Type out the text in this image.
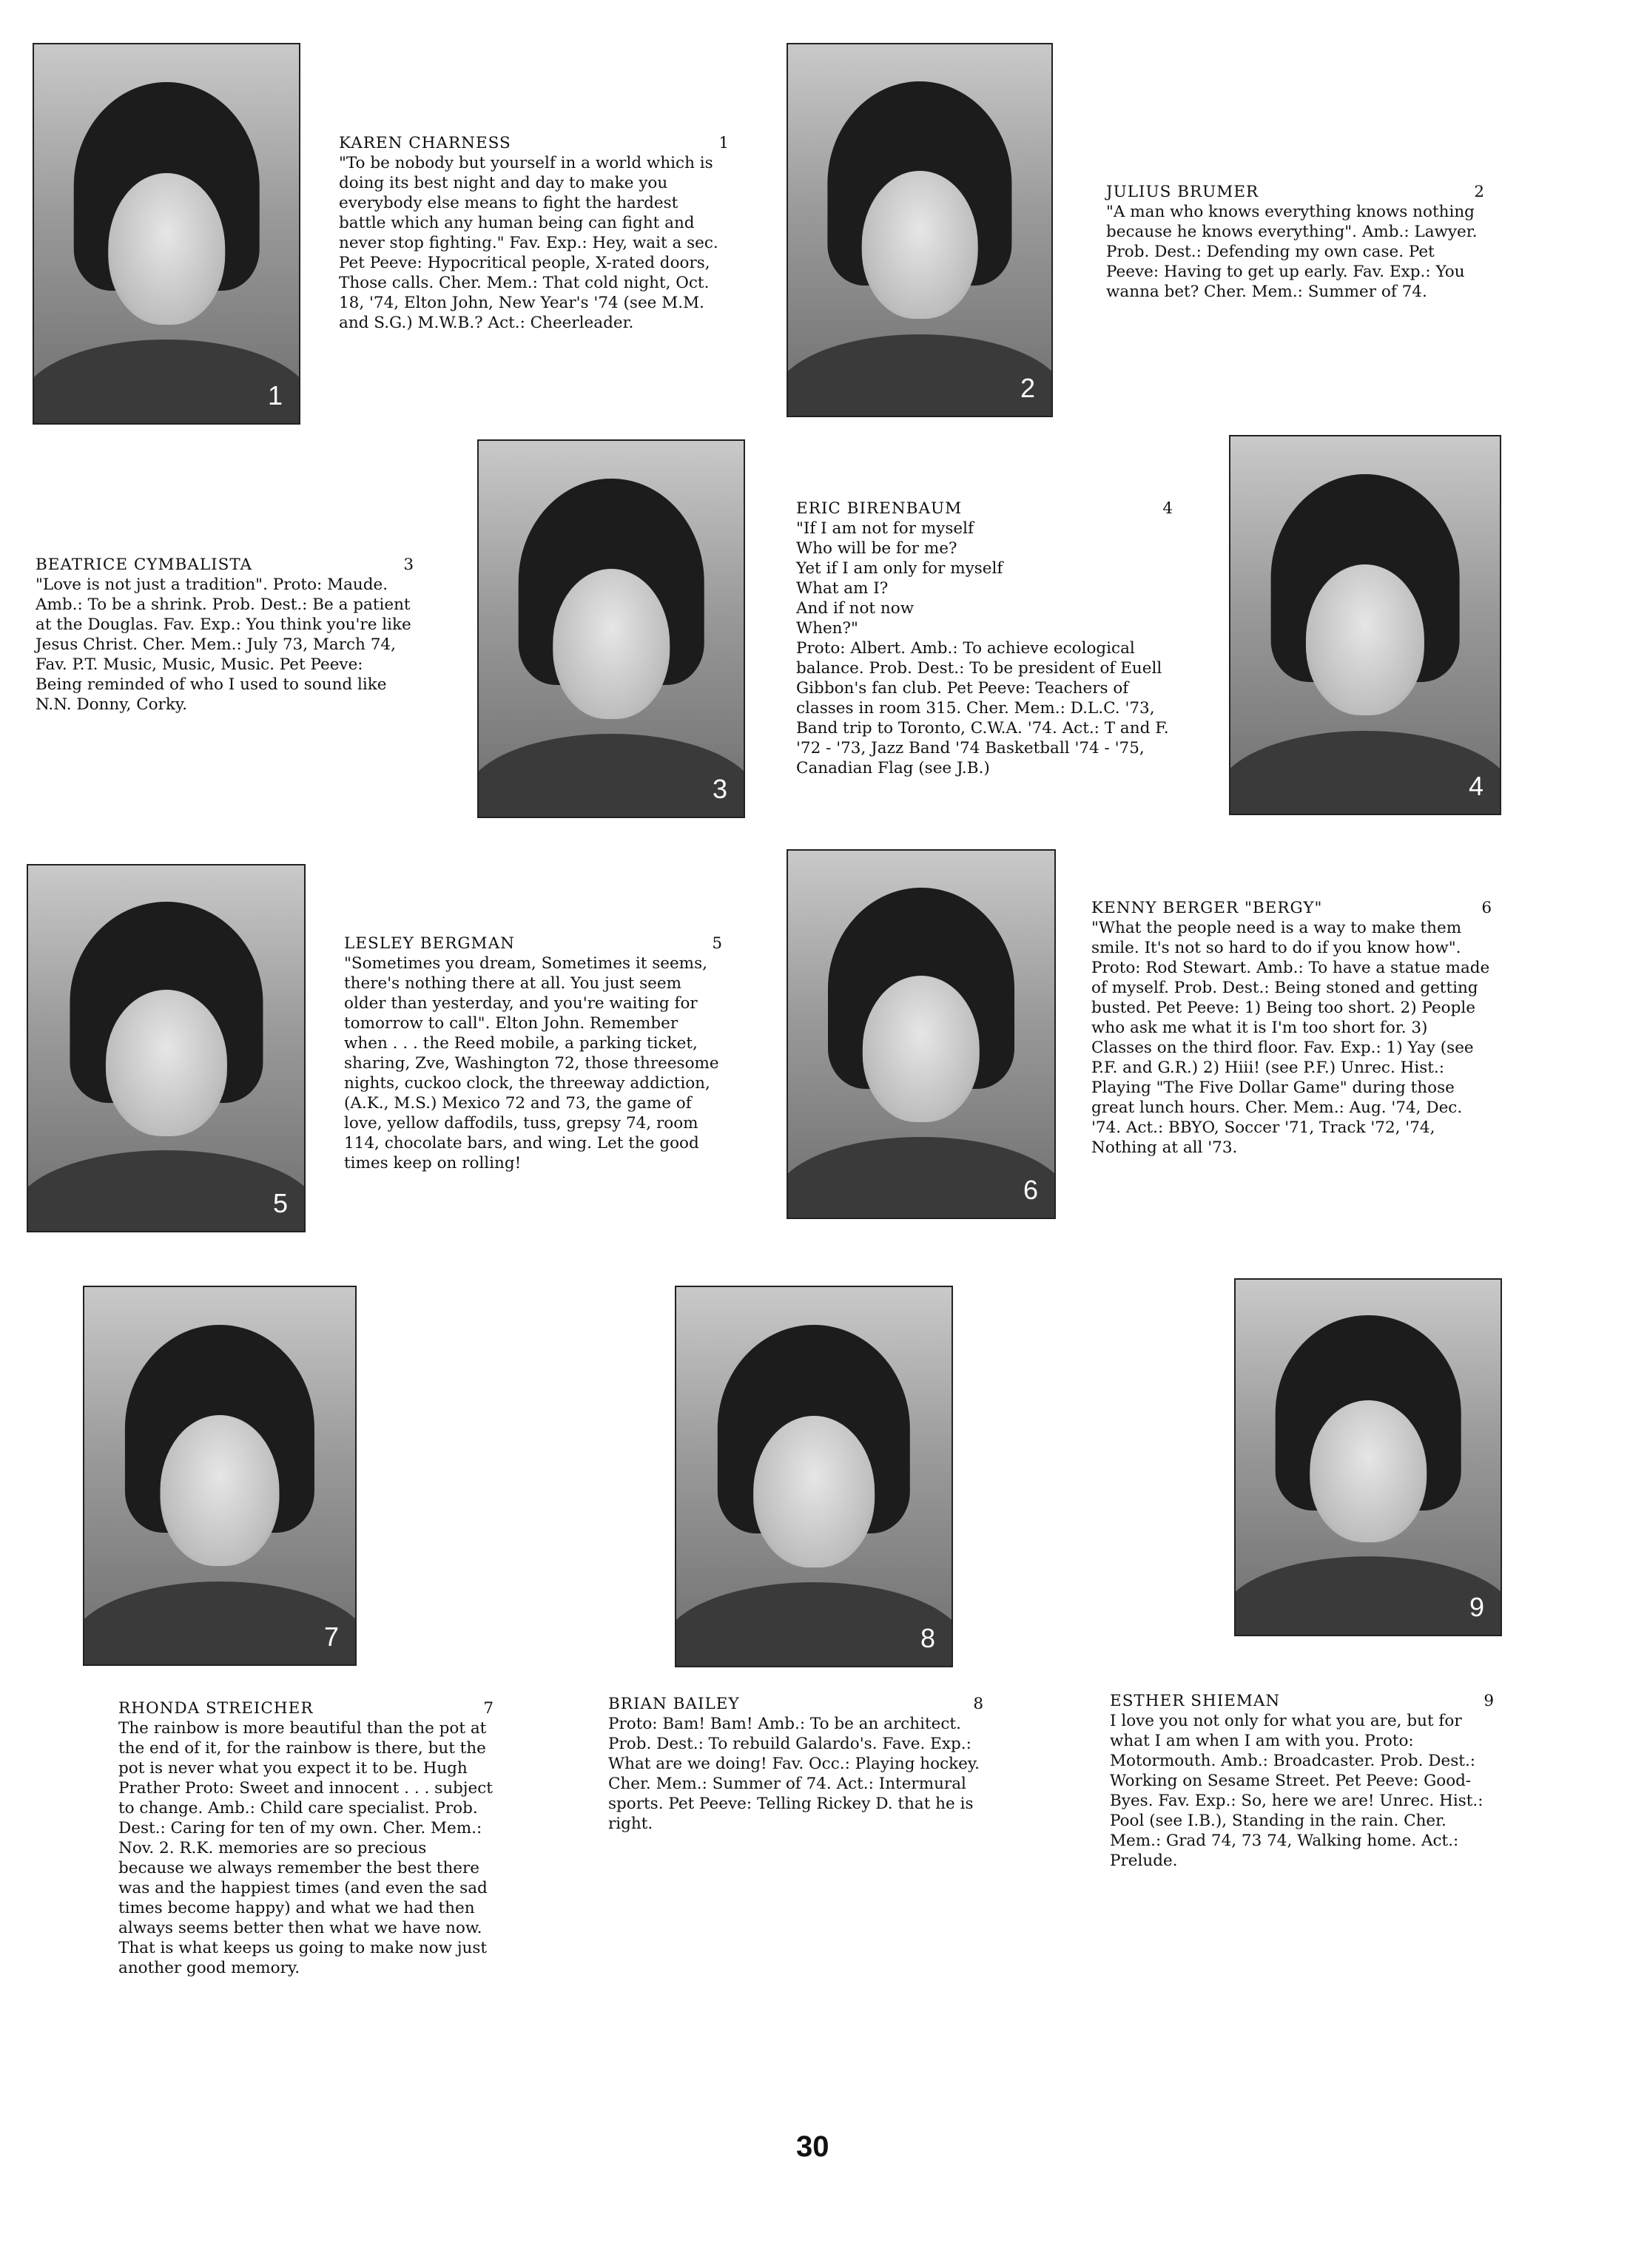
1
KAREN CHARNESS	1
"To be nobody but yourself in a world which is doing its best night and day to make you everybody else means to fight the hardest battle which any human being can fight and never stop fighting." Fav. Exp.: Hey, wait a sec. Pet Peeve: Hypocritical people, X-rated doors, Those calls. Cher. Mem.: That cold night, Oct. 18, '74, Elton John, New Year's '74 (see M.M. and S.G.) M.W.B.? Act.: Cheerleader.
2
JULIUS BRUMER	2
"A man who knows everything knows nothing because he knows everything". Amb.: Lawyer. Prob. Dest.: Defending my own case. Pet Peeve: Having to get up early. Fav. Exp.: You wanna bet? Cher. Mem.: Summer of 74.
BEATRICE CYMBALISTA	3
"Love is not just a tradition". Proto: Maude. Amb.: To be a shrink. Prob. Dest.: Be a patient at the Douglas. Fav. Exp.: You think you're like Jesus Christ. Cher. Mem.: July 73, March 74, Fav. P.T. Music, Music, Music. Pet Peeve: Being reminded of who I used to sound like N.N. Donny, Corky.
3
ERIC BIRENBAUM	4
"If I am not for myself
Who will be for me?
Yet if I am only for myself
What am I?
And if not now
When?"
Proto: Albert. Amb.: To achieve ecological balance. Prob. Dest.: To be president of Euell Gibbon's fan club. Pet Peeve: Teachers of classes in room 315. Cher. Mem.: D.L.C. '73, Band trip to Toronto, C.W.A. '74. Act.: T and F. '72 - '73, Jazz Band '74 Basketball '74 - '75, Canadian Flag (see J.B.)
4
5
LESLEY BERGMAN	5
"Sometimes you dream, Sometimes it seems, there's nothing there at all. You just seem older than yesterday, and you're waiting for tomorrow to call". Elton John. Remember when . . . the Reed mobile, a parking ticket, sharing, Zve, Washington 72, those threesome nights, cuckoo clock, the threeway addiction, (A.K., M.S.) Mexico 72 and 73, the game of love, yellow daffodils, tuss, grepsy 74, room 114, chocolate bars, and wing. Let the good times keep on rolling!
6
KENNY BERGER "BERGY"	6
"What the people need is a way to make them smile. It's not so hard to do if you know how". Proto: Rod Stewart. Amb.: To have a statue made of myself. Prob. Dest.: Being stoned and getting busted. Pet Peeve: 1) Being too short. 2) People who ask me what it is I'm too short for. 3) Classes on the third floor. Fav. Exp.: 1) Yay (see P.F. and G.R.) 2) Hiii! (see P.F.) Unrec. Hist.: Playing "The Five Dollar Game" during those great lunch hours. Cher. Mem.: Aug. '74, Dec. '74. Act.: BBYO, Soccer '71, Track '72, '74, Nothing at all '73.
7	8
9
RHONDA STREICHER	7
The rainbow is more beautiful than the pot at the end of it, for the rainbow is there, but the pot is never what you expect it to be. Hugh Prather Proto: Sweet and innocent . . . subject to change. Amb.: Child care specialist. Prob. Dest.: Caring for ten of my own. Cher. Mem.: Nov. 2. R.K. memories are so precious because we always remember the best there was and the happiest times (and even the sad times become happy) and what we had then always seems better then what we have now. That is what keeps us going to make now just another good memory.
BRIAN BAILEY	8
Proto: Bam! Bam! Amb.: To be an architect. Prob. Dest.: To rebuild Galardo's. Fave. Exp.: What are we doing! Fav. Occ.: Playing hockey. Cher. Mem.: Summer of 74. Act.: Intermural sports. Pet Peeve: Telling Rickey D. that he is right.
ESTHER SHIEMAN	9
I love you not only for what you are, but for what I am when I am with you. Proto: Motormouth. Amb.: Broadcaster. Prob. Dest.: Working on Sesame Street. Pet Peeve: Good-Byes. Fav. Exp.: So, here we are! Unrec. Hist.: Pool (see I.B.), Standing in the rain. Cher. Mem.: Grad 74, 73 74, Walking home. Act.: Prelude.
30
